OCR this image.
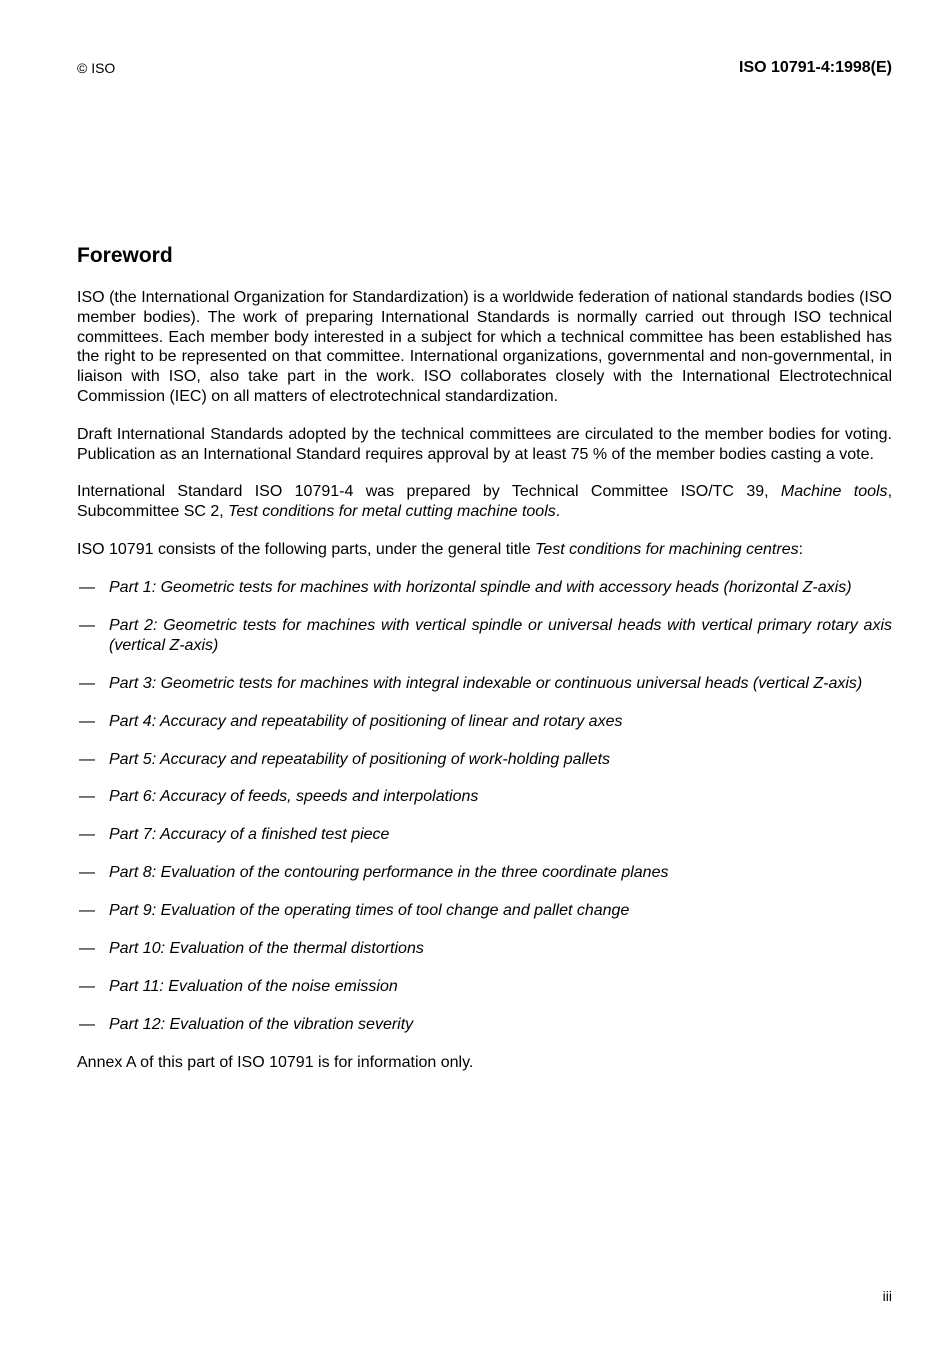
© ISO	ISO 10791-4:1998(E)
Foreword

ISO (the International Organization for Standardization) is a worldwide federation of national standards bodies (ISO member bodies). The work of preparing International Standards is normally carried out through ISO technical committees. Each member body interested in a subject for which a technical committee has been established has the right to be represented on that committee. International organizations, governmental and non-governmental, in liaison with ISO, also take part in the work. ISO collaborates closely with the International Electrotechnical Commission (IEC) on all matters of electrotechnical standardization.

Draft International Standards adopted by the technical committees are circulated to the member bodies for voting. Publication as an International Standard requires approval by at least 75 % of the member bodies casting a vote.

International Standard ISO 10791-4 was prepared by Technical Committee ISO/TC 39, Machine tools, Subcommittee SC 2, Test conditions for metal cutting machine tools.

ISO 10791 consists of the following parts, under the general title Test conditions for machining centres:

— Part 1: Geometric tests for machines with horizontal spindle and with accessory heads (horizontal Z-axis)
— Part 2: Geometric tests for machines with vertical spindle or universal heads with vertical primary rotary axis (vertical Z-axis)
— Part 3: Geometric tests for machines with integral indexable or continuous universal heads (vertical Z-axis)
— Part 4: Accuracy and repeatability of positioning of linear and rotary axes
— Part 5: Accuracy and repeatability of positioning of work-holding pallets
— Part 6: Accuracy of feeds, speeds and interpolations
— Part 7: Accuracy of a finished test piece
— Part 8: Evaluation of the contouring performance in the three coordinate planes
— Part 9: Evaluation of the operating times of tool change and pallet change
— Part 10: Evaluation of the thermal distortions
— Part 11: Evaluation of the noise emission
— Part 12: Evaluation of the vibration severity

Annex A of this part of ISO 10791 is for information only.

iii
